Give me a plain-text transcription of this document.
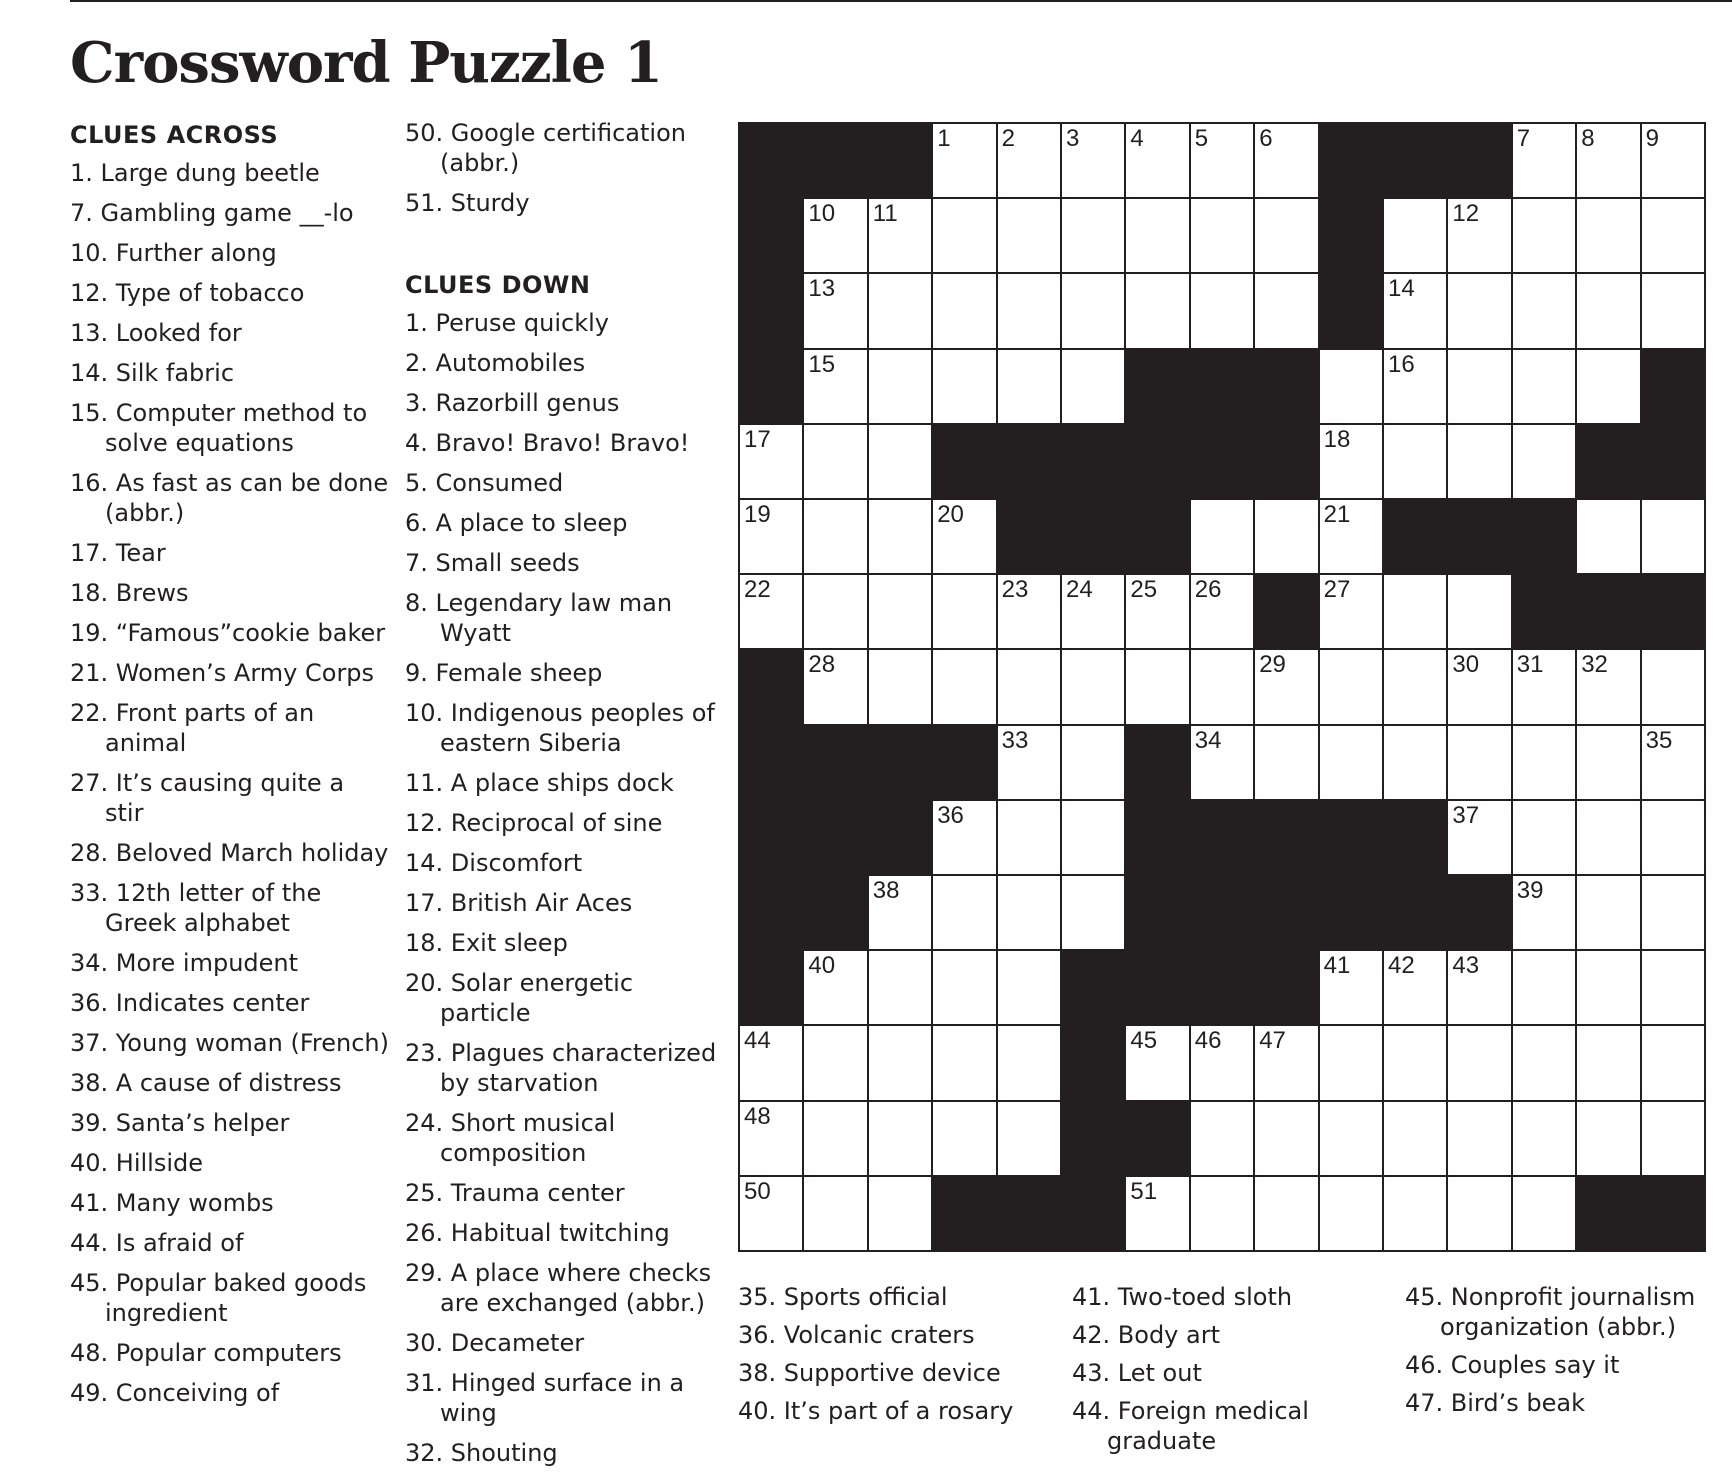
Crossword Puzzle 1
CLUES ACROSS
1. Large dung beetle
7. Gambling game __-lo
10. Further along
12. Type of tobacco
13. Looked for
14. Silk fabric
15. Computer method to solve equations
16. As fast as can be done (abbr.)
17. Tear
18. Brews
19. “Famous”cookie baker
21. Women’s Army Corps
22. Front parts of an animal
27. It’s causing quite a stir
28. Beloved March holiday
33. 12th letter of the Greek alphabet
34. More impudent
36. Indicates center
37. Young woman (French)
38. A cause of distress
39. Santa’s helper
40. Hillside
41. Many wombs
44. Is afraid of
45. Popular baked goods ingredient
48. Popular computers
49. Conceiving of
50. Google certification (abbr.)
51. Sturdy
CLUES DOWN
1. Peruse quickly
2. Automobiles
3. Razorbill genus
4. Bravo! Bravo! Bravo!
5. Consumed
6. A place to sleep
7. Small seeds
8. Legendary law man Wyatt
9. Female sheep
10. Indigenous peoples of eastern Siberia
11. A place ships dock
12. Reciprocal of sine
14. Discomfort
17. British Air Aces
18. Exit sleep
20. Solar energetic particle
23. Plagues characterized by starvation
24. Short musical composition
25. Trauma center
26. Habitual twitching
29. A place where checks are exchanged (abbr.)
30. Decameter
31. Hinged surface in a wing
32. Shouting
1 2 3 4 5 6	7 8 9
10 11	12
13	14
15	16
17	18
19	20	21
22	23 24 25 26	27
28	29	30 31 32
33	34	35
36	37
38	39
40	41 42 43
44	45 46 47
48
50	51
35. Sports official
36. Volcanic craters
38. Supportive device
40. It’s part of a rosary
41. Two-toed sloth
42. Body art
43. Let out
44. Foreign medical graduate
45. Nonprofit journalism organization (abbr.)
46. Couples say it
47. Bird’s beak
